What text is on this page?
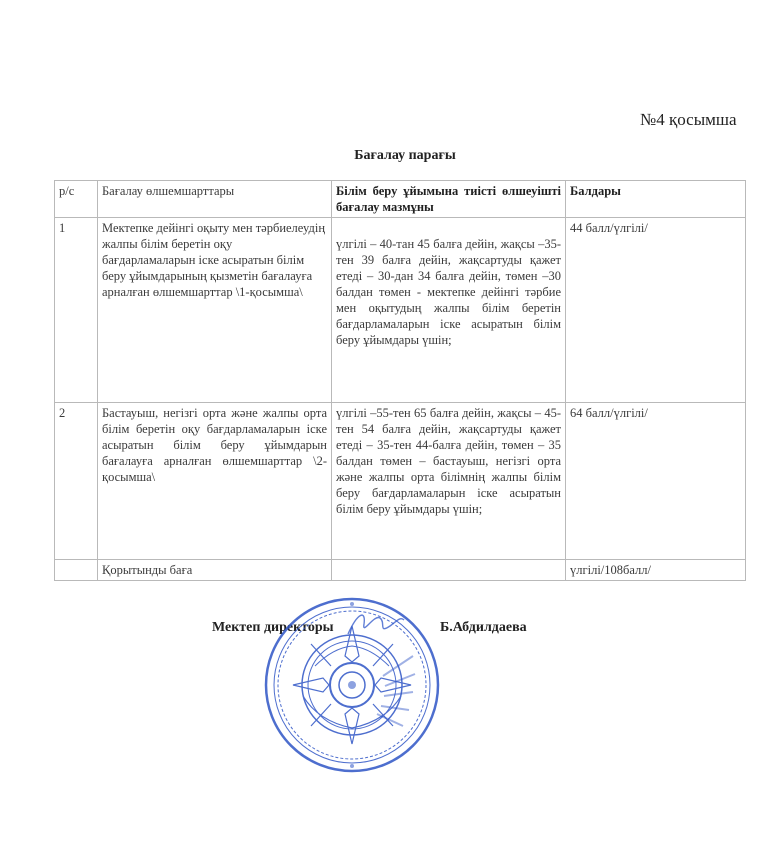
№4 қосымша
Бағалау парағы
р/с	Бағалау өлшемшарттары	Білім беру ұйымына тиісті өлшеуішті бағалау мазмұны	Балдары
1	Мектепке дейінгі оқыту мен тәрбиелеудің жалпы білім беретін оқу бағдарламаларын іске асыратын білім беру ұйымдарының қызметін бағалауға арналған өлшемшарттар \1-қосымша\	үлгілі – 40-тан 45 балға дейін, жақсы –35-тен 39 балға дейін, жақсартуды қажет етеді – 30-дан 34 балға дейін, төмен –30 балдан төмен - мектепке дейінгі тәрбие мен оқытудың жалпы білім беретін бағдарламаларын іске асыратын білім беру ұйымдары үшін;	44 балл/үлгілі/
2	Бастауыш, негізгі орта және жалпы орта білім беретін оқу бағдарламаларын іске асыратын білім беру ұйымдарын бағалауға арналған өлшемшарттар \2-қосымша\	үлгілі –55-тен 65 балға дейін, жақсы – 45-тен 54 балға дейін, жақсартуды қажет етеді – 35-тен 44-балға дейін, төмен – 35 балдан төмен – бастауыш, негізгі орта және жалпы орта білімнің жалпы білім беру бағдарламаларын іске асыратын білім беру ұйымдары үшін;	64 балл/үлгілі/
	Қорытынды баға		үлгілі/108балл/
Мектеп директоры	Б.Абдилдаева
